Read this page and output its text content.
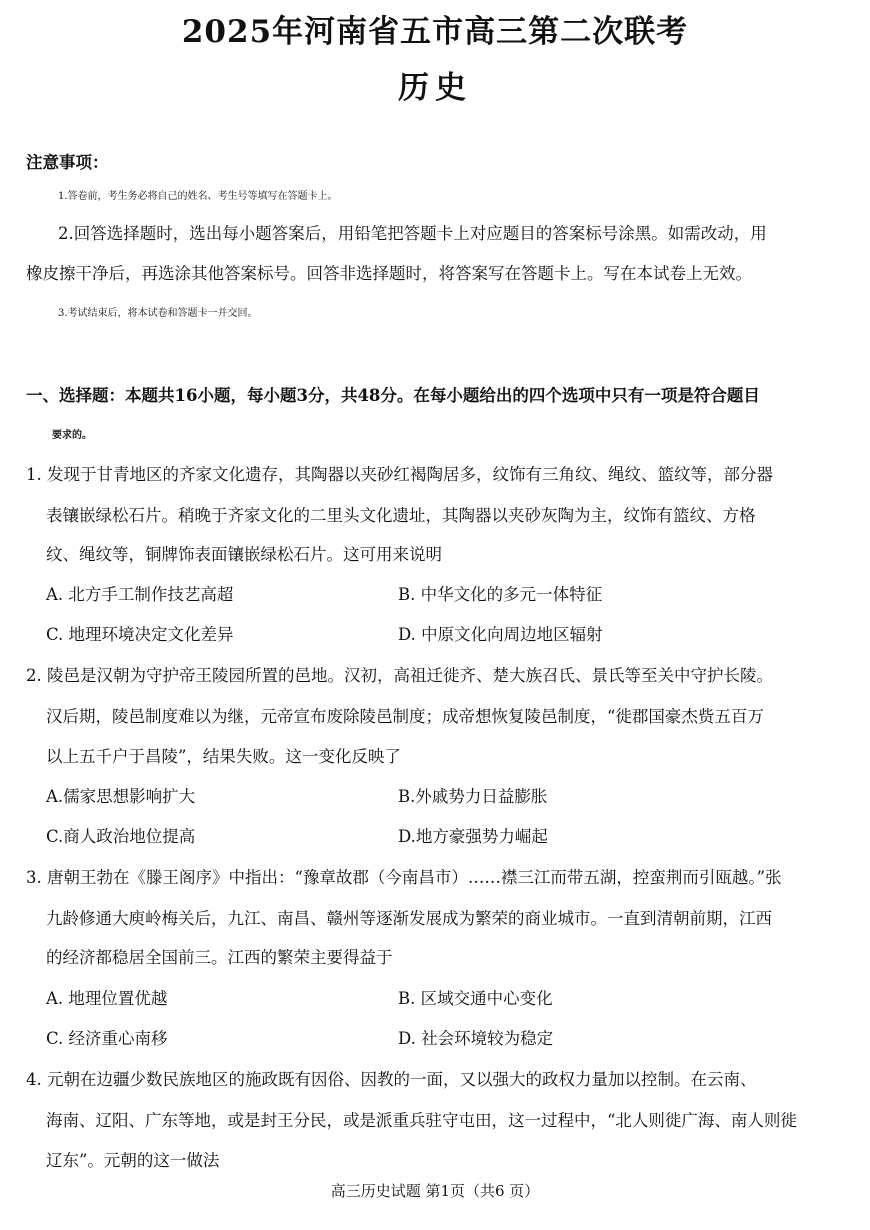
2025年河南省五市高三第二次联考
历史
注意事项：
1.答卷前，考生务必将自己的姓名、考生号等填写在答题卡上。
2.回答选择题时，选出每小题答案后，用铅笔把答题卡上对应题目的答案标号涂黑。如需改动，用
橡皮擦干净后，再选涂其他答案标号。回答非选择题时，将答案写在答题卡上。写在本试卷上无效。
3.考试结束后，将本试卷和答题卡一并交回。
一、选择题：本题共16小题，每小题3分，共48分。在每小题给出的四个选项中只有一项是符合题目
要求的。
1. 发现于甘青地区的齐家文化遗存，其陶器以夹砂红褐陶居多，纹饰有三角纹、绳纹、篮纹等，部分器
表镶嵌绿松石片。稍晚于齐家文化的二里头文化遗址，其陶器以夹砂灰陶为主，纹饰有篮纹、方格
纹、绳纹等，铜牌饰表面镶嵌绿松石片。这可用来说明
A. 北方手工制作技艺高超	B. 中华文化的多元一体特征
C. 地理环境决定文化差异	D. 中原文化向周边地区辐射
2. 陵邑是汉朝为守护帝王陵园所置的邑地。汉初，高祖迁徙齐、楚大族召氏、景氏等至关中守护长陵。
汉后期，陵邑制度难以为继，元帝宣布废除陵邑制度；成帝想恢复陵邑制度，“徙郡国豪杰赀五百万
以上五千户于昌陵”，结果失败。这一变化反映了
A.儒家思想影响扩大	B.外戚势力日益膨胀
C.商人政治地位提高	D.地方豪强势力崛起
3. 唐朝王勃在《滕王阁序》中指出：“豫章故郡（今南昌市）……襟三江而带五湖，控蛮荆而引瓯越。”张
九龄修通大庾岭梅关后，九江、南昌、赣州等逐渐发展成为繁荣的商业城市。一直到清朝前期，江西
的经济都稳居全国前三。江西的繁荣主要得益于
A. 地理位置优越	B. 区域交通中心变化
C. 经济重心南移	D. 社会环境较为稳定
4. 元朝在边疆少数民族地区的施政既有因俗、因教的一面，又以强大的政权力量加以控制。在云南、
海南、辽阳、广东等地，或是封王分民，或是派重兵驻守屯田，这一过程中，“北人则徙广海、南人则徙
辽东”。元朝的这一做法
高三历史试题 第1页（共6 页）
